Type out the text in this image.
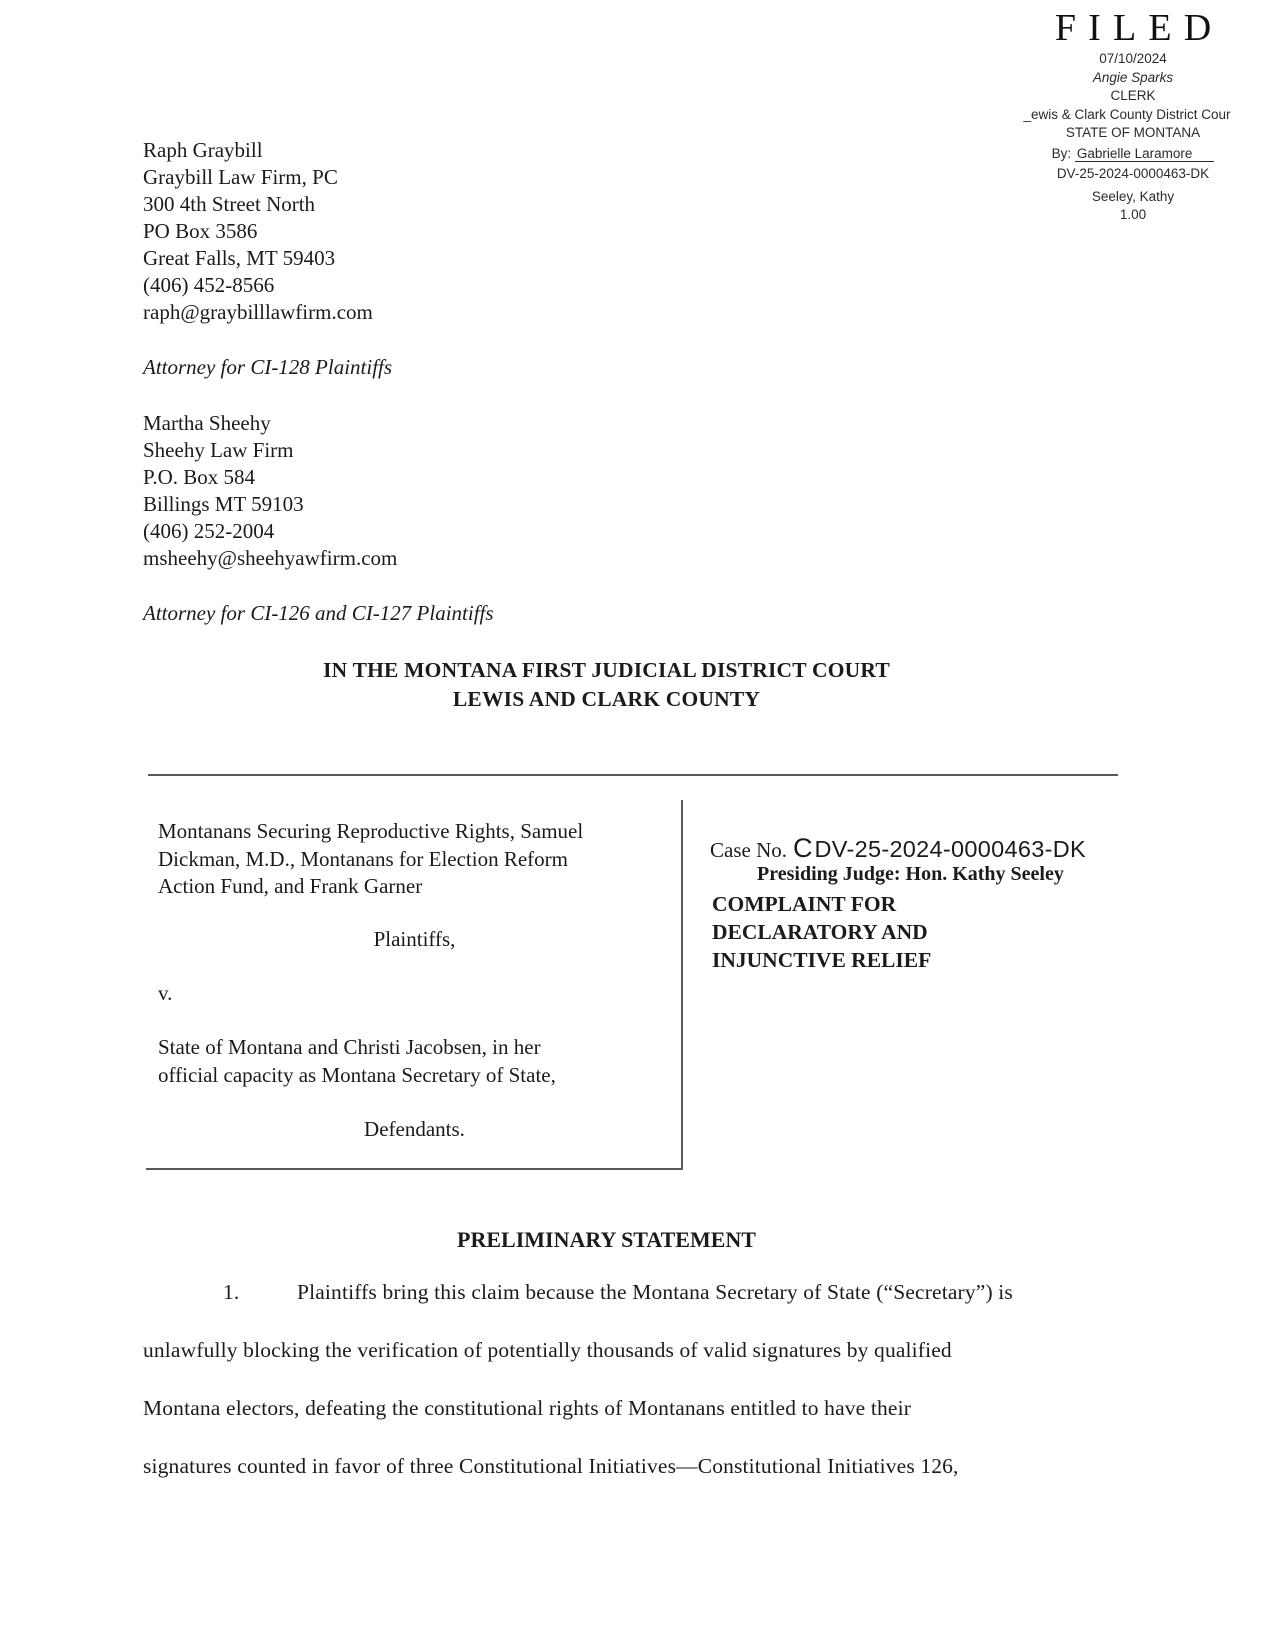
FILED
07/10/2024
Angie Sparks
CLERK
_ewis & Clark County District Cour
STATE OF MONTANA
By: Gabrielle Laramore
DV-25-2024-0000463-DK
Seeley, Kathy
1.00
Raph Graybill
Graybill Law Firm, PC
300 4th Street North
PO Box 3586
Great Falls, MT 59403
(406) 452-8566
raph@graybilllawfirm.com
Attorney for CI-128 Plaintiffs
Martha Sheehy
Sheehy Law Firm
P.O. Box 584
Billings MT 59103
(406) 252-2004
msheehy@sheehyawfirm.com
Attorney for CI-126 and CI-127 Plaintiffs
IN THE MONTANA FIRST JUDICIAL DISTRICT COURT
LEWIS AND CLARK COUNTY
Montanans Securing Reproductive Rights, Samuel
Dickman, M.D., Montanans for Election Reform
Action Fund, and Frank Garner
Plaintiffs,
v.
State of Montana and Christi Jacobsen, in her
official capacity as Montana Secretary of State,
Defendants.
Case No. CDV-25-2024-0000463-DK
Presiding Judge: Hon. Kathy Seeley
COMPLAINT FOR
DECLARATORY AND
INJUNCTIVE RELIEF
PRELIMINARY STATEMENT
1.	Plaintiffs bring this claim because the Montana Secretary of State (“Secretary”) is
unlawfully blocking the verification of potentially thousands of valid signatures by qualified
Montana electors, defeating the constitutional rights of Montanans entitled to have their
signatures counted in favor of three Constitutional Initiatives—Constitutional Initiatives 126,
